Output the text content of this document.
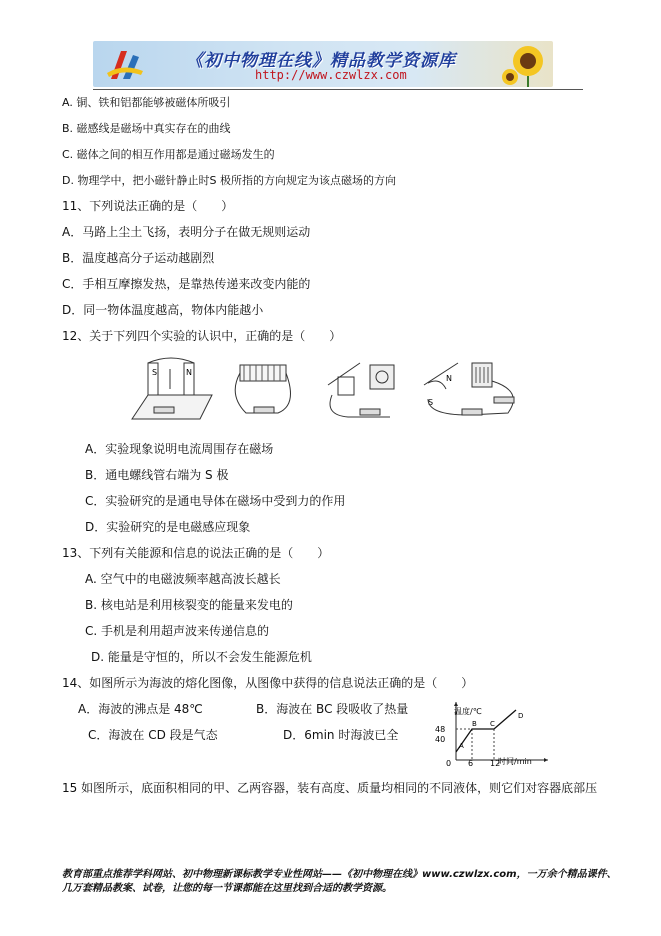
《初中物理在线》精品教学资源库
http://www.czwlzx.com
A. 铜、铁和铝都能够被磁体所吸引
B. 磁感线是磁场中真实存在的曲线
C. 磁体之间的相互作用都是通过磁场发生的
D. 物理学中，把小磁针静止时S 极所指的方向规定为该点磁场的方向
11、下列说法正确的是（　　）
A．马路上尘土飞扬，表明分子在做无规则运动
B．温度越高分子运动越剧烈
C．手相互摩擦发热，是靠热传递来改变内能的
D．同一物体温度越高，物体内能越小
12、关于下列四个实验的认识中，正确的是（　　）
S	N
S
N
A．实验现象说明电流周围存在磁场
B．通电螺线管右端为 S 极
C．实验研究的是通电导体在磁场中受到力的作用
D．实验研究的是电磁感应现象
13、下列有关能源和信息的说法正确的是（　　）
A. 空气中的电磁波频率越高波长越长
B. 核电站是利用核裂变的能量来发电的
C. 手机是利用超声波来传递信息的
D. 能量是守恒的，所以不会发生能源危机
14、如图所示为海波的熔化图像，从图像中获得的信息说法正确的是（　　）
A．海波的沸点是 48℃	B．海波在 BC 段吸收了热量
C．海波在 CD 段是气态	D．6min 时海波已全
温度/℃
时间/min
48
40
0 6 12
A
B C
D
15 如图所示，底面积相同的甲、乙两容器，装有高度、质量均相同的不同液体，则它们对容器底部压
教育部重点推荐学科网站、初中物理新课标教学专业性网站——《初中物理在线》www.czwlzx.com，一万余个精品课件、
几万套精品教案、试卷，让您的每一节课都能在这里找到合适的教学资源。
